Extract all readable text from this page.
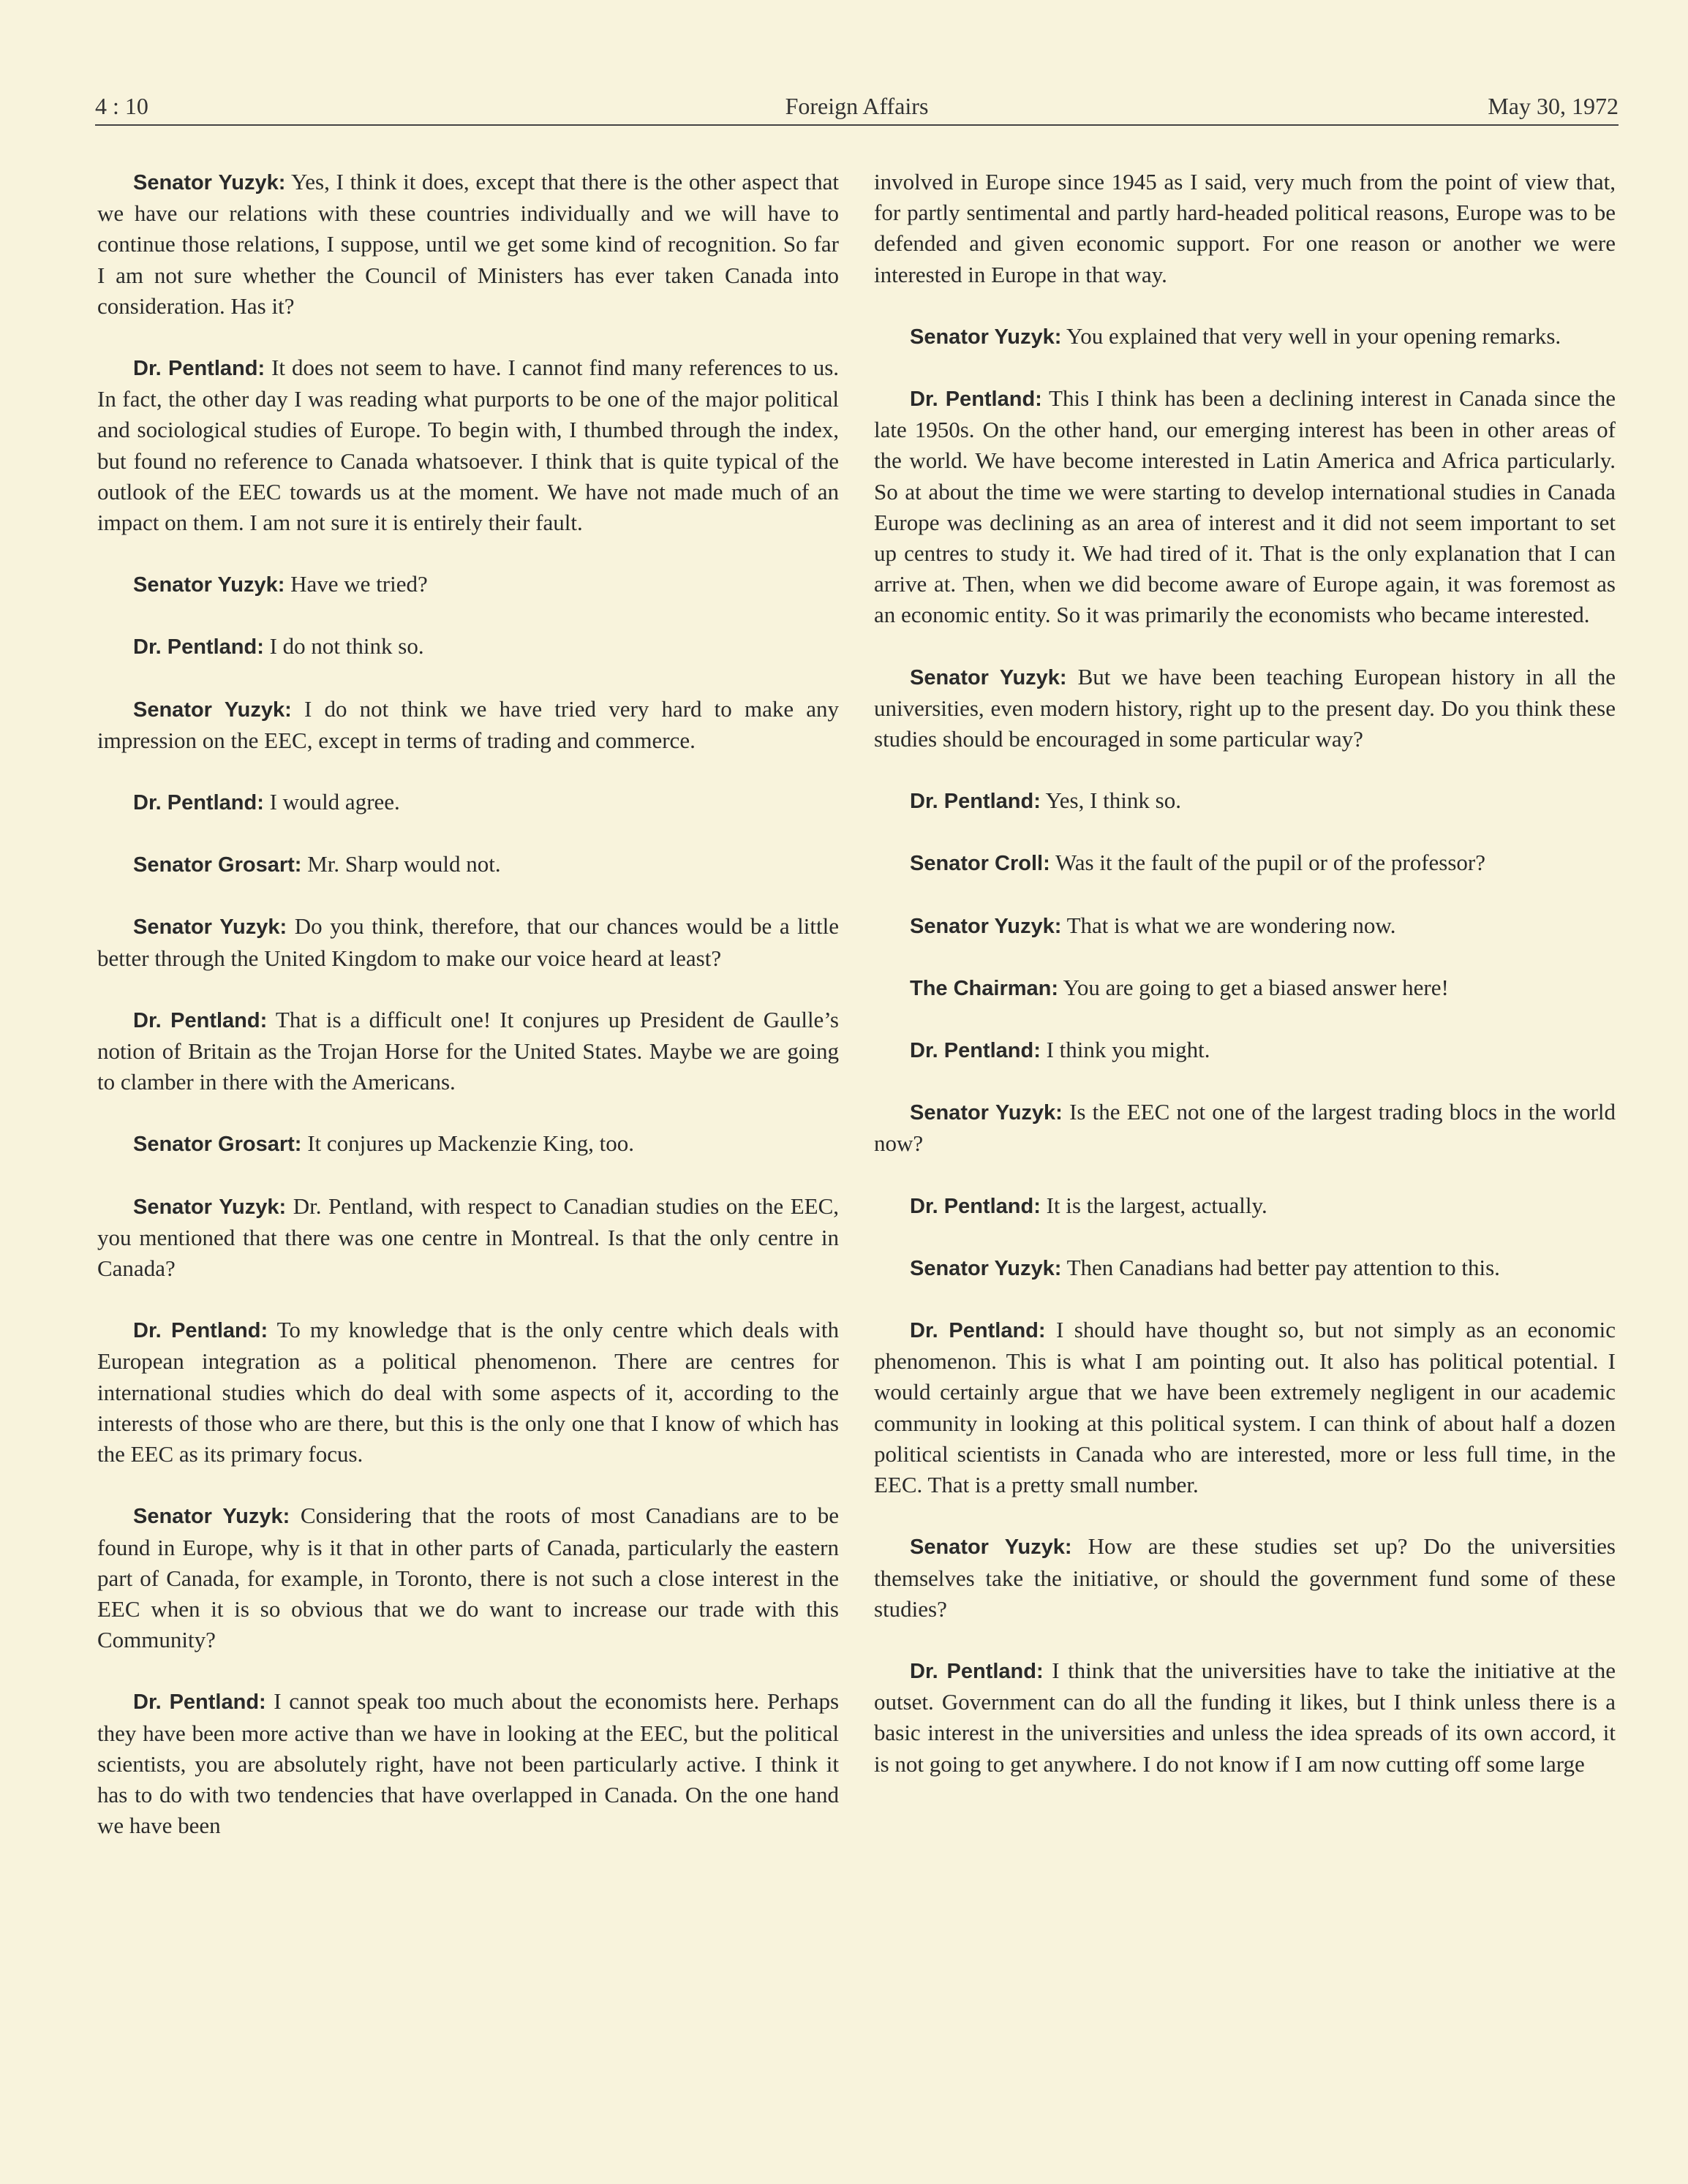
4 : 10	Foreign Affairs	May 30, 1972

Senator Yuzyk: Yes, I think it does, except that there is the other aspect that we have our relations with these countries individually and we will have to continue those relations, I suppose, until we get some kind of recognition. So far I am not sure whether the Council of Ministers has ever taken Canada into consideration. Has it?

Dr. Pentland: It does not seem to have. I cannot find many references to us. In fact, the other day I was reading what purports to be one of the major political and sociological studies of Europe. To begin with, I thumbed through the index, but found no reference to Canada whatsoever. I think that is quite typical of the outlook of the EEC towards us at the moment. We have not made much of an impact on them. I am not sure it is entirely their fault.

Senator Yuzyk: Have we tried?

Dr. Pentland: I do not think so.

Senator Yuzyk: I do not think we have tried very hard to make any impression on the EEC, except in terms of trading and commerce.

Dr. Pentland: I would agree.

Senator Grosart: Mr. Sharp would not.

Senator Yuzyk: Do you think, therefore, that our chances would be a little better through the United Kingdom to make our voice heard at least?

Dr. Pentland: That is a difficult one! It conjures up President de Gaulle’s notion of Britain as the Trojan Horse for the United States. Maybe we are going to clamber in there with the Americans.

Senator Grosart: It conjures up Mackenzie King, too.

Senator Yuzyk: Dr. Pentland, with respect to Canadian studies on the EEC, you mentioned that there was one centre in Montreal. Is that the only centre in Canada?

Dr. Pentland: To my knowledge that is the only centre which deals with European integration as a political phenomenon. There are centres for international studies which do deal with some aspects of it, according to the interests of those who are there, but this is the only one that I know of which has the EEC as its primary focus.

Senator Yuzyk: Considering that the roots of most Canadians are to be found in Europe, why is it that in other parts of Canada, particularly the eastern part of Canada, for example, in Toronto, there is not such a close interest in the EEC when it is so obvious that we do want to increase our trade with this Community?

Dr. Pentland: I cannot speak too much about the economists here. Perhaps they have been more active than we have in looking at the EEC, but the political scientists, you are absolutely right, have not been particularly active. I think it has to do with two tendencies that have overlapped in Canada. On the one hand we have been

involved in Europe since 1945 as I said, very much from the point of view that, for partly sentimental and partly hard-headed political reasons, Europe was to be defended and given economic support. For one reason or another we were interested in Europe in that way.

Senator Yuzyk: You explained that very well in your opening remarks.

Dr. Pentland: This I think has been a declining interest in Canada since the late 1950s. On the other hand, our emerging interest has been in other areas of the world. We have become interested in Latin America and Africa particularly. So at about the time we were starting to develop international studies in Canada Europe was declining as an area of interest and it did not seem important to set up centres to study it. We had tired of it. That is the only explanation that I can arrive at. Then, when we did become aware of Europe again, it was foremost as an economic entity. So it was primarily the economists who became interested.

Senator Yuzyk: But we have been teaching European history in all the universities, even modern history, right up to the present day. Do you think these studies should be encouraged in some particular way?

Dr. Pentland: Yes, I think so.

Senator Croll: Was it the fault of the pupil or of the professor?

Senator Yuzyk: That is what we are wondering now.

The Chairman: You are going to get a biased answer here!

Dr. Pentland: I think you might.

Senator Yuzyk: Is the EEC not one of the largest trading blocs in the world now?

Dr. Pentland: It is the largest, actually.

Senator Yuzyk: Then Canadians had better pay attention to this.

Dr. Pentland: I should have thought so, but not simply as an economic phenomenon. This is what I am pointing out. It also has political potential. I would certainly argue that we have been extremely negligent in our academic community in looking at this political system. I can think of about half a dozen political scientists in Canada who are interested, more or less full time, in the EEC. That is a pretty small number.

Senator Yuzyk: How are these studies set up? Do the universities themselves take the initiative, or should the government fund some of these studies?

Dr. Pentland: I think that the universities have to take the initiative at the outset. Government can do all the funding it likes, but I think unless there is a basic interest in the universities and unless the idea spreads of its own accord, it is not going to get anywhere. I do not know if I am now cutting off some large
